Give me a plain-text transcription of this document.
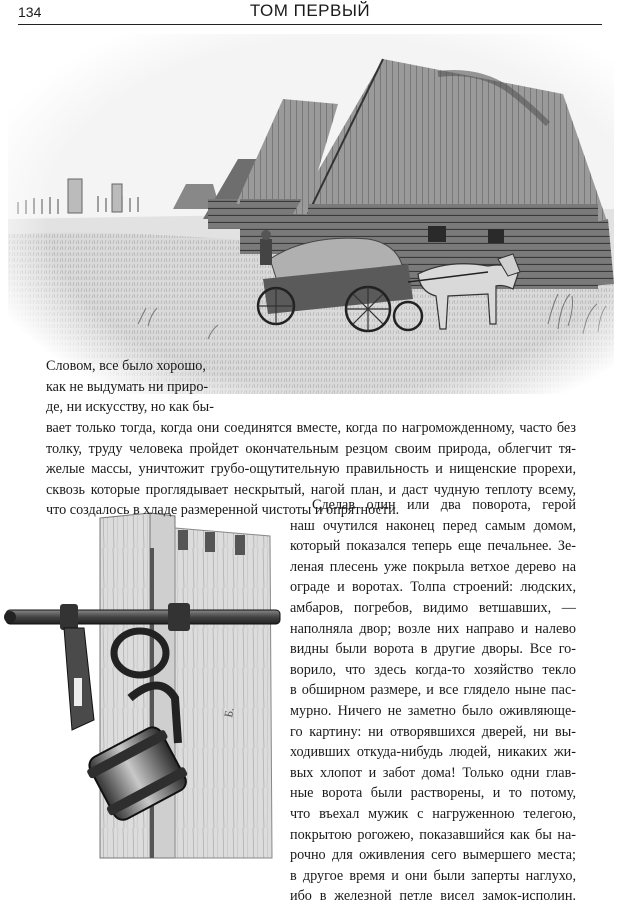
134	ТОМ ПЕРВЫЙ
Б.
Словом, все было хорошо,
как не выдумать ни приро-
де, ни искусству, но как бы-
вает только тогда, когда они соединятся вместе, когда по нагроможденному, часто без
толку, труду человека пройдет окончательным резцом своим природа, облегчит тя-
желые массы, уничтожит грубо-ощутительную правильность и нищенские прорехи,
сквозь которые проглядывает нескрытый, нагой план, и даст чудную теплоту всему,
что создалось в хладе размеренной чистоты и опрятности.
Сделав один или два поворота, герой
наш очутился наконец перед самым домом,
который показался теперь еще печальнее. Зе-
леная плесень уже покрыла ветхое дерево на
ограде и воротах. Толпа строений: людских,
амбаров, погребов, видимо ветшавших, —
наполняла двор; возле них направо и налево
видны были ворота в другие дворы. Все го-
ворило, что здесь когда-то хозяйство текло
в обширном размере, и все глядело ныне пас-
мурно. Ничего не заметно было оживляюще-
го картину: ни отворявшихся дверей, ни вы-
ходивших откуда-нибудь людей, никаких жи-
вых хлопот и забот дома! Только одни глав-
ные ворота были растворены, и то потому,
что въехал мужик с нагруженною телегою,
покрытою рогожею, показавшийся как бы на-
рочно для оживления сего вымершего места;
в другое время и они были заперты наглухо,
ибо в железной петле висел замок-исполин.
